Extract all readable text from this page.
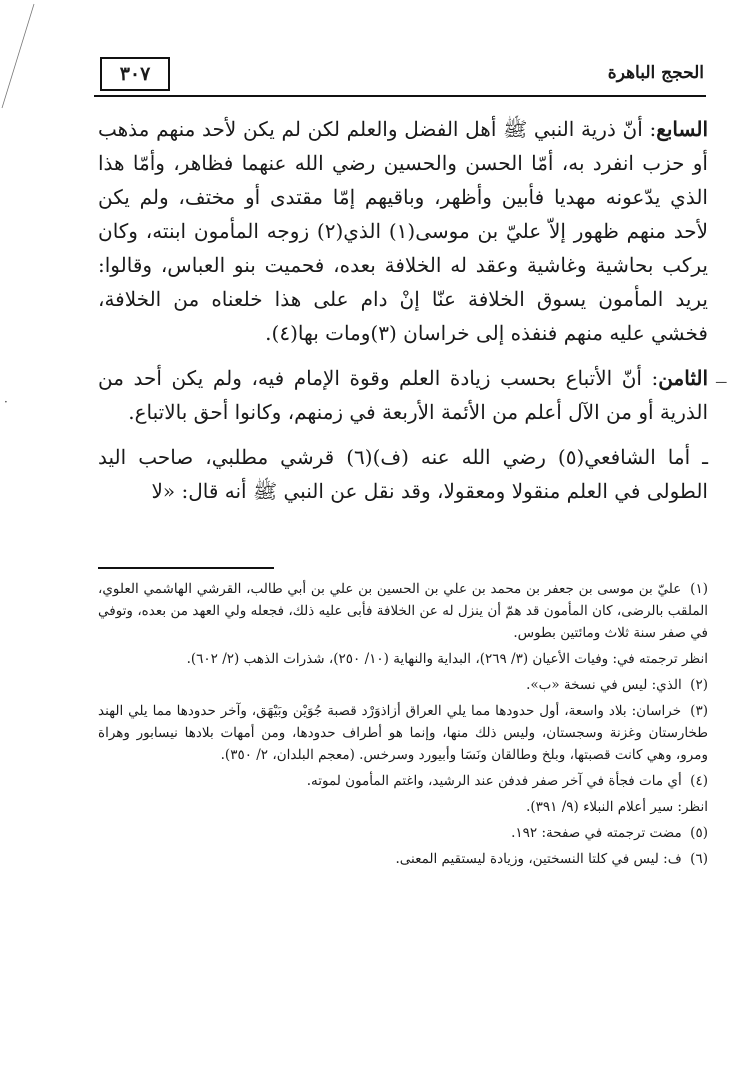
ـــ
·
٣٠٧	الحجج الباهرة

السابع: أنّ ذرية النبي ﷺ أهل الفضل والعلم لكن لم يكن لأحد منهم مذهب أو حزب انفرد به، أمّا الحسن والحسين رضي الله عنهما فظاهر، وأمّا هذا الذي يدّعونه مهديا فأبين وأظهر، وباقيهم إمّا مقتدى أو مختف، ولم يكن لأحد منهم ظهور إلاّ عليّ بن موسى(١) الذي(٢) زوجه المأمون ابنته، وكان يركب بحاشية وغاشية وعقد له الخلافة بعده، فحميت بنو العباس، وقالوا: يريد المأمون يسوق الخلافة عنّا إنْ دام على هذا خلعناه من الخلافة، فخشي عليه منهم فنفذه إلى خراسان (٣)ومات بها(٤).

الثامن: أنّ الأتباع بحسب زيادة العلم وقوة الإمام فيه، ولم يكن أحد من الذرية أو من الآل أعلم من الأئمة الأربعة في زمنهم، وكانوا أحق بالاتباع.

ـ أما الشافعي(٥) رضي الله عنه (ف)(٦) قرشي مطلبي، صاحب اليد الطولى في العلم منقولا ومعقولا، وقد نقل عن النبي ﷺ أنه قال: «لا

(١) عليّ بن موسى بن جعفر بن محمد بن علي بن الحسين بن علي بن أبي طالب، القرشي الهاشمي العلوي، الملقب بالرضى، كان المأمون قد همّ أن ينزل له عن الخلافة فأبى عليه ذلك، فجعله ولي العهد من بعده، وتوفي في صفر سنة ثلاث ومائتين بطوس.
انظر ترجمته في: وفيات الأعيان (٣/ ٢٦٩)، البداية والنهاية (١٠/ ٢٥٠)، شذرات الذهب (٢/ ٦٠٢).
(٢) الذي: ليس في نسخة «ب».
(٣) خراسان: بلاد واسعة، أول حدودها مما يلي العراق أزاذوَرْد قصبة جُوَيْن وبَيْهَق، وآخر حدودها مما يلي الهند طخارستان وغزنة وسجستان، وليس ذلك منها، وإنما هو أطراف حدودها، ومن أمهات بلادها نيسابور وهراة ومرو، وهي كانت قصبتها، وبلخ وطالقان ونَسَا وأبيورد وسرخس. (معجم البلدان، ٢/ ٣٥٠).
(٤) أي مات فجأة في آخر صفر فدفن عند الرشيد، واغتم المأمون لموته.
انظر: سير أعلام النبلاء (٩/ ٣٩١).
(٥) مضت ترجمته في صفحة: ١٩٢.
(٦) ف: ليس في كلتا النسختين، وزيادة ليستقيم المعنى.
